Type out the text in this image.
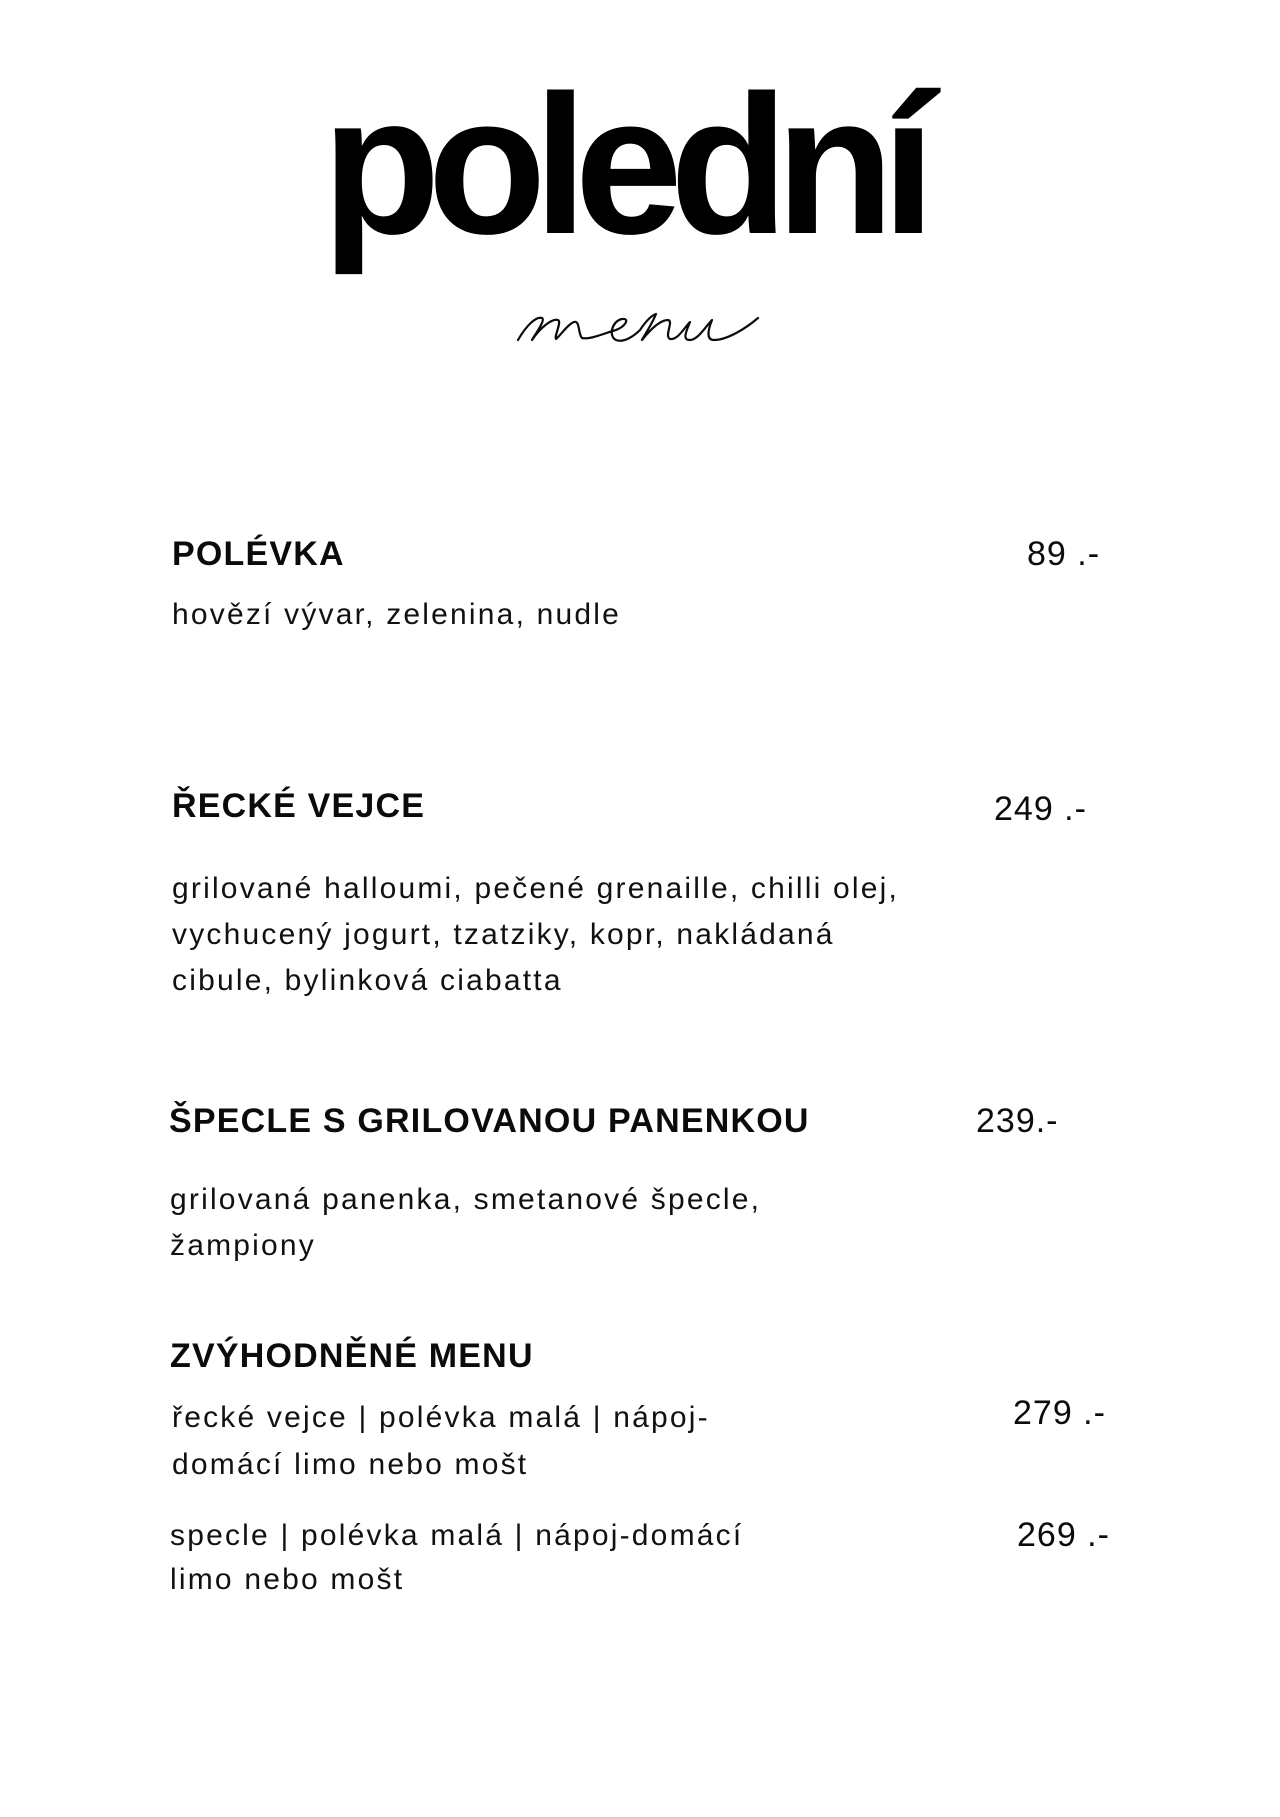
polední
POLÉVKA	89 .-
hovězí vývar, zelenina, nudle
ŘECKÉ VEJCE	249 .-
grilované halloumi, pečené grenaille, chilli olej,
vychucený jogurt, tzatziky, kopr, nakládaná
cibule, bylinková ciabatta
ŠPECLE S GRILOVANOU PANENKOU	239.-
grilovaná panenka, smetanové špecle,
žampiony
ZVÝHODNĚNÉ MENU
řecké vejce | polévka malá | nápoj-
domácí limo nebo mošt
279 .-
specle | polévka malá | nápoj-domácí
limo nebo mošt
269 .-
